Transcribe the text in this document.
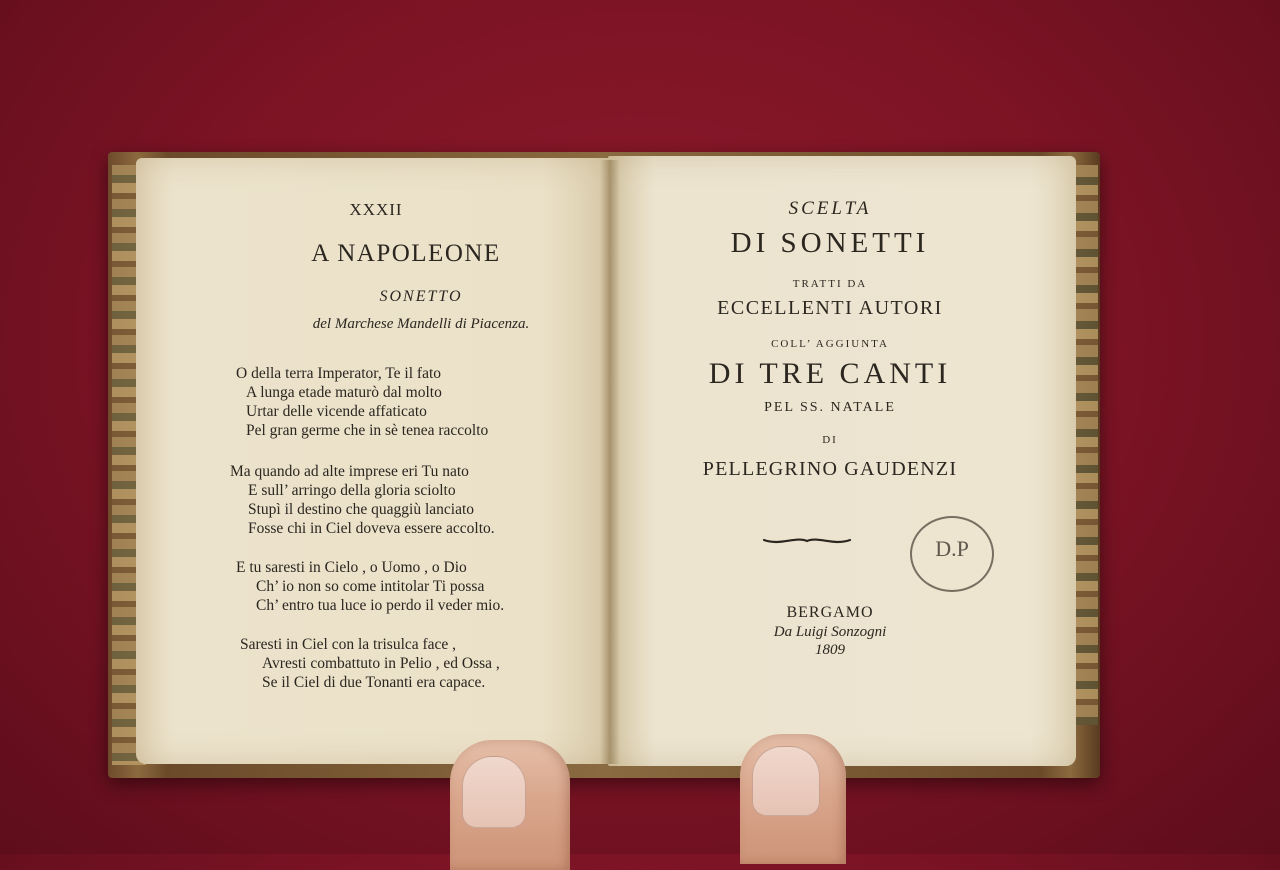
XXXII
A NAPOLEONE
SONETTO
del Marchese Mandelli di Piacenza.
O della terra Imperator, Te il fato
A lunga etade maturò dal molto
Urtar delle vicende affaticato
Pel gran germe che in sè tenea raccolto
Ma quando ad alte imprese eri Tu nato
E sull’ arringo della gloria sciolto
Stupì il destino che quaggiù lanciato
Fosse chi in Ciel doveva essere accolto.
E tu saresti in Cielo , o Uomo , o Dio
Ch’ io non so come intitolar Ti possa
Ch’ entro tua luce io perdo il veder mio.
Saresti in Ciel con la trisulca face ,
Avresti combattuto in Pelio , ed Ossa ,
Se il Ciel di due Tonanti era capace.
SCELTA
DI SONETTI
TRATTI DA
ECCELLENTI AUTORI
COLL’ AGGIUNTA
DI TRE CANTI
PEL SS. NATALE
DI
PELLEGRINO GAUDENZI
D.P
BERGAMO
Da Luigi Sonzogni
1809
